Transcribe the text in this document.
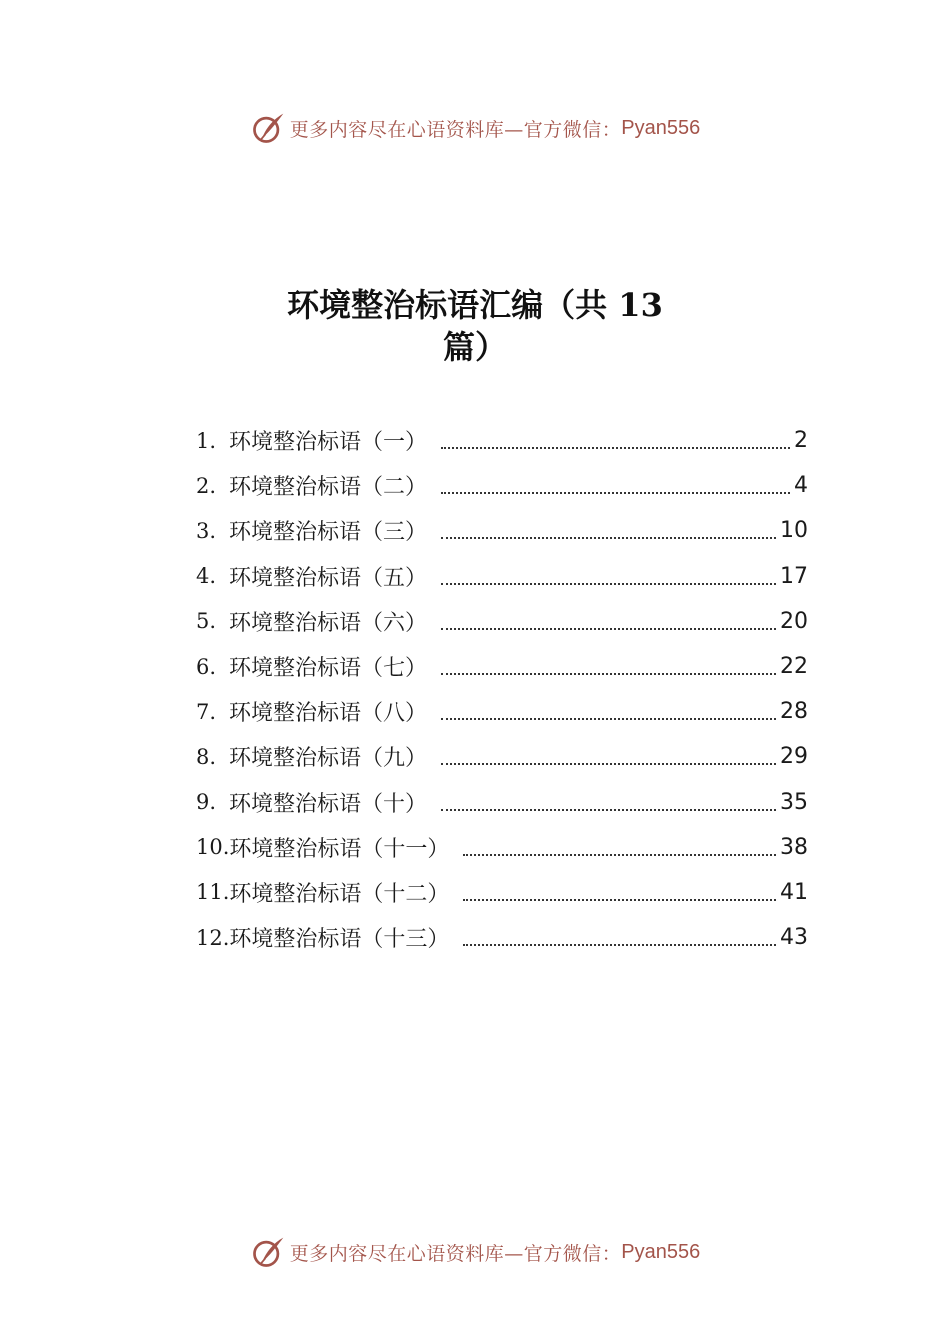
更多内容尽在心语资料库—官方微信： Pyan556
环境整治标语汇编（共 13
篇）
1. 环境整治标语（一）	2
2. 环境整治标语（二）	4
3. 环境整治标语（三）	10
4. 环境整治标语（五）	17
5. 环境整治标语（六）	20
6. 环境整治标语（七）	22
7. 环境整治标语（八）	28
8. 环境整治标语（九）	29
9. 环境整治标语（十）	35
10. 环境整治标语（十一）	38
11. 环境整治标语（十二）	41
12. 环境整治标语（十三）	43
更多内容尽在心语资料库—官方微信： Pyan556
